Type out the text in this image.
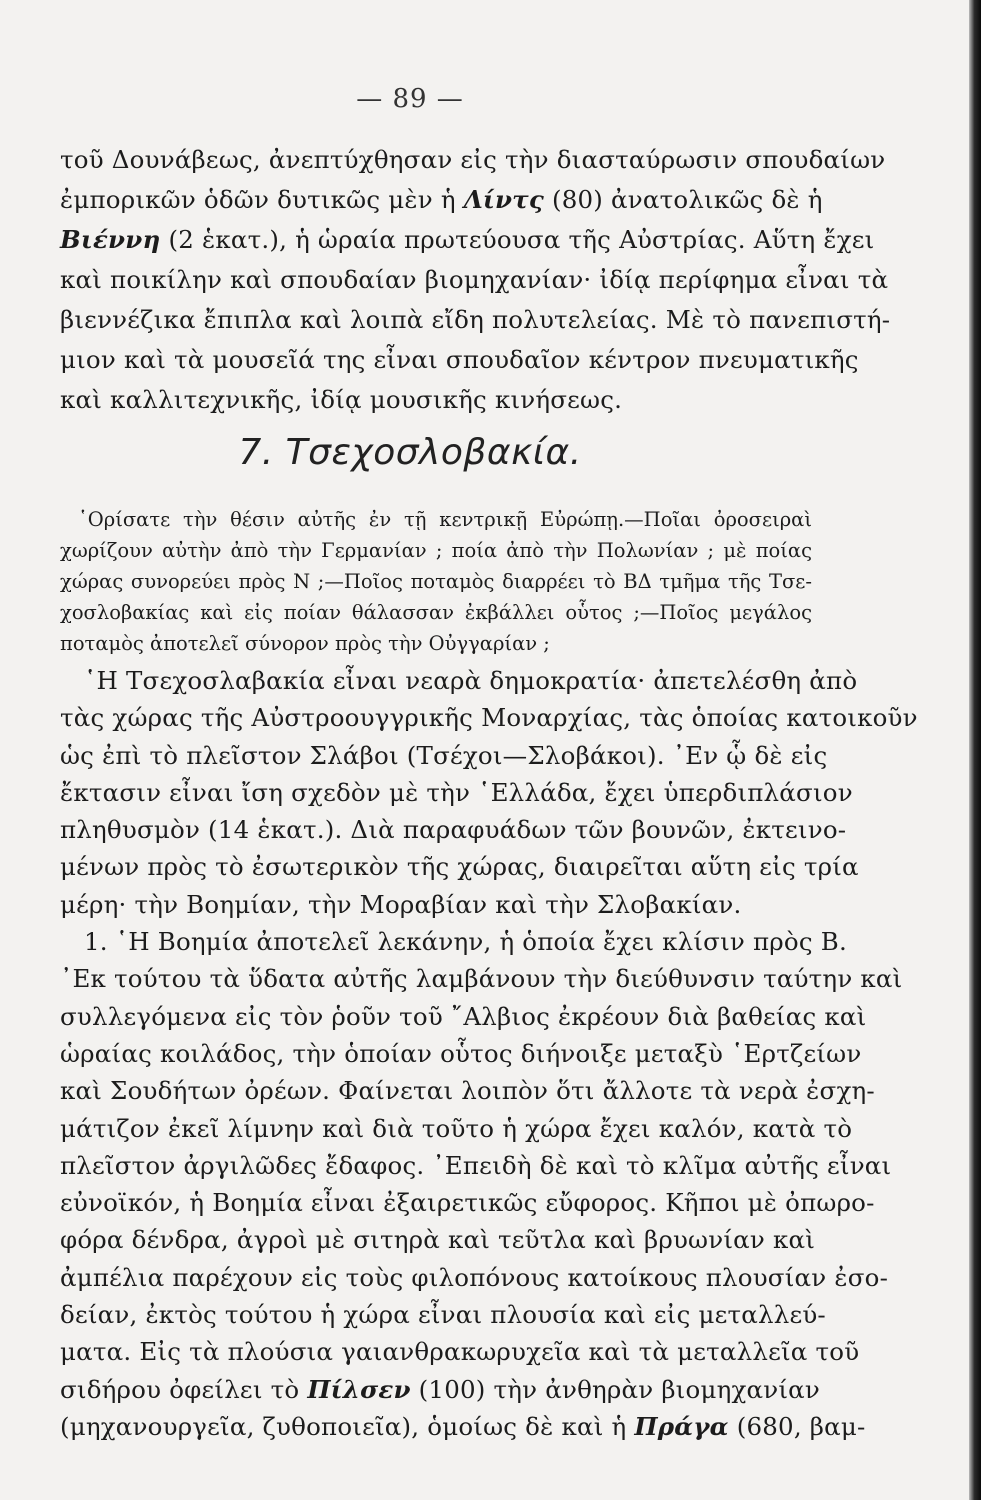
— 89 —
τοῦ Δουνάβεως, ἀνεπτύχθησαν εἰς τὴν διασταύρωσιν σπουδαίων
ἐμπορικῶν ὁδῶν δυτικῶς μὲν ἡ Λίντς (80) ἀνατολικῶς δὲ ἡ
Βιέννη (2 ἑκατ.), ἡ ὡραία πρωτεύουσα τῆς Αὐστρίας. Αὕτη ἔχει
καὶ ποικίλην καὶ σπουδαίαν βιομηχανίαν· ἰδίᾳ περίφημα εἶναι τὰ
βιεννέζικα ἔπιπλα καὶ λοιπὰ εἴδη πολυτελείας. Μὲ τὸ πανεπιστή-
μιον καὶ τὰ μουσεῖά της εἶναι σπουδαῖον κέντρον πνευματικῆς
καὶ καλλιτεχνικῆς, ἰδίᾳ μουσικῆς κινήσεως.
7. Τσεχοσλοβακία.
῾Ορίσατε τὴν θέσιν αὐτῆς ἐν τῇ κεντρικῇ Εὐρώπῃ.—Ποῖαι ὀροσειραὶ
χωρίζουν αὐτὴν ἀπὸ τὴν Γερμανίαν ; ποία ἀπὸ τὴν Πολωνίαν ; μὲ ποίας
χώρας συνορεύει πρὸς Ν ;—Ποῖος ποταμὸς διαρρέει τὸ ΒΔ τμῆμα τῆς Τσε-
χοσλοβακίας καὶ εἰς ποίαν θάλασσαν ἐκβάλλει οὗτος ;—Ποῖος μεγάλος
ποταμὸς ἀποτελεῖ σύνορον πρὸς τὴν Οὐγγαρίαν ;
῾Η Τσεχοσλαβακία εἶναι νεαρὰ δημοκρατία· ἀπετελέσθη ἀπὸ
τὰς χώρας τῆς Αὐστροουγγρικῆς Μοναρχίας, τὰς ὁποίας κατοικοῦν
ὡς ἐπὶ τὸ πλεῖστον Σλάβοι (Τσέχοι—Σλοβάκοι). ᾿Εν ᾧ δὲ εἰς
ἔκτασιν εἶναι ἴση σχεδὸν μὲ τὴν ῾Ελλάδα, ἔχει ὑπερδιπλάσιον
πληθυσμὸν (14 ἑκατ.). Διὰ παραφυάδων τῶν βουνῶν, ἐκτεινο-
μένων πρὸς τὸ ἐσωτερικὸν τῆς χώρας, διαιρεῖται αὕτη εἰς τρία
μέρη· τὴν Βοημίαν, τὴν Μοραβίαν καὶ τὴν Σλοβακίαν.
1. ῾Η Βοημία ἀποτελεῖ λεκάνην, ἡ ὁποία ἔχει κλίσιν πρὸς Β.
᾿Εκ τούτου τὰ ὕδατα αὐτῆς λαμβάνουν τὴν διεύθυνσιν ταύτην καὶ
συλλεγόμενα εἰς τὸν ῥοῦν τοῦ ῎Αλβιος ἐκρέουν διὰ βαθείας καὶ
ὡραίας κοιλάδος, τὴν ὁποίαν οὗτος διήνοιξε μεταξὺ ῾Ερτζείων
καὶ Σουδήτων ὀρέων. Φαίνεται λοιπὸν ὅτι ἄλλοτε τὰ νερὰ ἐσχη-
μάτιζον ἐκεῖ λίμνην καὶ διὰ τοῦτο ἡ χώρα ἔχει καλόν, κατὰ τὸ
πλεῖστον ἀργιλῶδες ἔδαφος. ᾿Επειδὴ δὲ καὶ τὸ κλῖμα αὐτῆς εἶναι
εὐνοϊκόν, ἡ Βοημία εἶναι ἐξαιρετικῶς εὔφορος. Κῆποι μὲ ὀπωρο-
φόρα δένδρα, ἀγροὶ μὲ σιτηρὰ καὶ τεῦτλα καὶ βρυωνίαν καὶ
ἀμπέλια παρέχουν εἰς τοὺς φιλοπόνους κατοίκους πλουσίαν ἐσο-
δείαν, ἐκτὸς τούτου ἡ χώρα εἶναι πλουσία καὶ εἰς μεταλλεύ-
ματα. Εἰς τὰ πλούσια γαιανθρακωρυχεῖα καὶ τὰ μεταλλεῖα τοῦ
σιδήρου ὀφείλει τὸ Πίλσεν (100) τὴν ἀνθηρὰν βιομηχανίαν
(μηχανουργεῖα, ζυθοποιεῖα), ὁμοίως δὲ καὶ ἡ Πράγα (680, βαμ-
